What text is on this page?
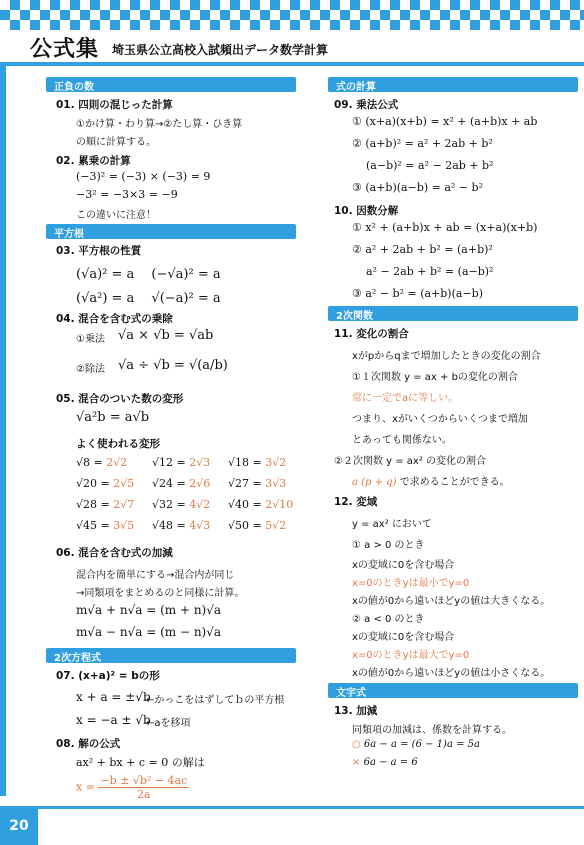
公式集 埼玉県公立高校入試頻出データ数学計算
正負の数
01. 四則の混じった計算
①かけ算・わり算→②たし算・ひき算
の順に計算する。
02. 累乗の計算
(−3)² = (−3) × (−3) = 9
−3² = −3×3 = −9
この違いに注意！
平方根
03. 平方根の性質
(√a)² = a　 (−√a)² = a
(√a²) = a　 √(−a)² = a
04. 混合を含む式の乗除
①乗法 √a × √b = √ab
②除法 √a ÷ √b = √(a/b)
05. 混合のついた数の変形
√a²b = a√b
よく使われる変形
√8 = 2√2 √12 = 2√3 √18 = 3√2
√20 = 2√5 √24 = 2√6 √27 = 3√3
√28 = 2√7 √32 = 4√2 √40 = 2√10
√45 = 3√5 √48 = 4√3 √50 = 5√2
06. 混合を含む式の加減
混合内を簡単にする→混合内が同じ
→同類項をまとめるのと同様に計算。
m√a + n√a = (m + n)√a
m√a − n√a = (m − n)√a
2次方程式
07. (x+a)² = bの形
x + a = ±√b
←かっこをはずしてｂの平方根
x = −a ± √b
←aを移項
08. 解の公式
ax² + bx + c = 0 の解は
$x = \frac{\text{−b ± √b² − 4ac}}{2a}$
式の計算
09. 乗法公式
① (x+a)(x+b) = x² + (a+b)x + ab
② (a+b)² = a² + 2ab + b²
(a−b)² = a² − 2ab + b²
③ (a+b)(a−b) = a² − b²
10. 因数分解
① x² + (a+b)x + ab = (x+a)(x+b)
② a² + 2ab + b² = (a+b)²
a² − 2ab + b² = (a−b)²
③ a² − b² = (a+b)(a−b)
2次関数
11. 変化の割合
xがpからqまで増加したときの変化の割合
①１次関数 y = ax + bの変化の割合
常に一定でaに等しい。
つまり、xがいくつからいくつまで増加
とあっても関係ない。
②２次関数 y = ax² の変化の割合
a (p + q) で求めることができる。
12. 変域
y = ax² において
① a > 0 のとき
xの変域に0を含む場合
x=0のときyは最小でy=0
xの値が0から遠いほどyの値は大きくなる。
② a < 0 のとき
xの変域に0を含む場合
x=0のときyは最大でy=0
xの値が0から遠いほどyの値は小さくなる。
文字式
13. 加減
同類項の加減は、係数を計算する。
○ 6a − a = (6 − 1)a = 5a
× 6a − a = 6
20
